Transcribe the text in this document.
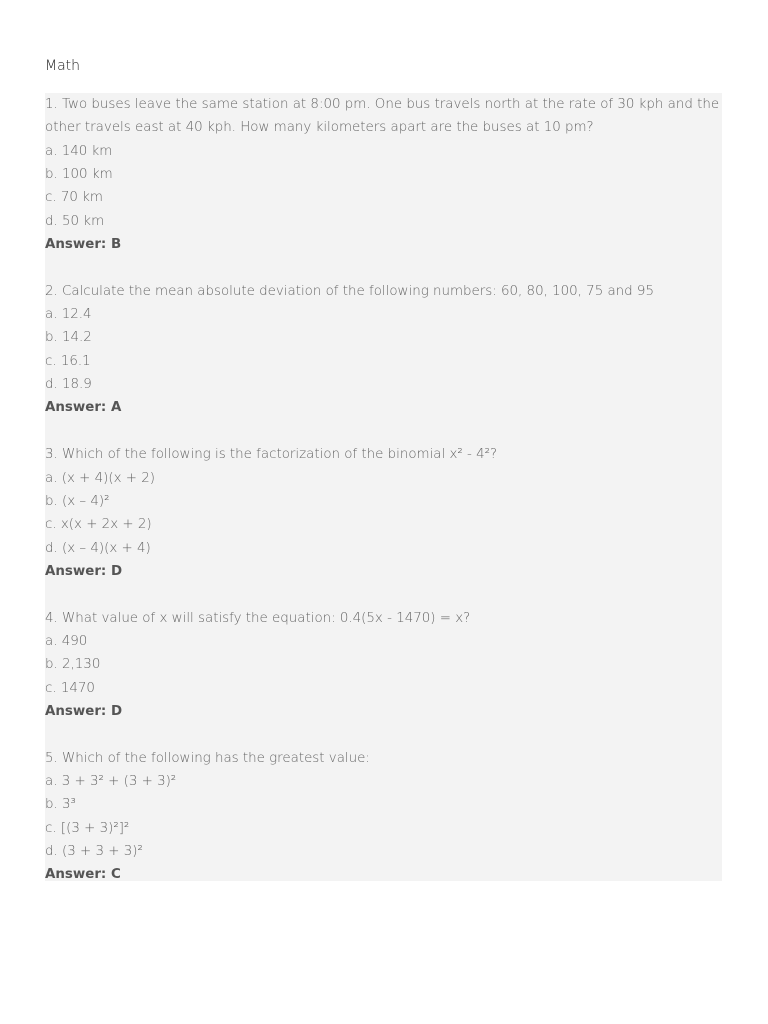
Math
1. Two buses leave the same station at 8:00 pm. One bus travels north at the rate of 30 kph and the other travels east at 40 kph. How many kilometers apart are the buses at 10 pm?
a. 140 km
b. 100 km
c. 70 km
d. 50 km
Answer: B
2. Calculate the mean absolute deviation of the following numbers: 60, 80, 100, 75 and 95
a. 12.4
b. 14.2
c. 16.1
d. 18.9
Answer: A
3. Which of the following is the factorization of the binomial x² - 4²?
a. (x + 4)(x + 2)
b. (x – 4)²
c. x(x + 2x + 2)
d. (x – 4)(x + 4)
Answer: D
4. What value of x will satisfy the equation: 0.4(5x - 1470) = x?
a. 490
b. 2,130
c. 1470
Answer: D
5. Which of the following has the greatest value:
a. 3 + 3² + (3 + 3)²
b. 3³
c. [(3 + 3)²]²
d. (3 + 3 + 3)²
Answer: C
